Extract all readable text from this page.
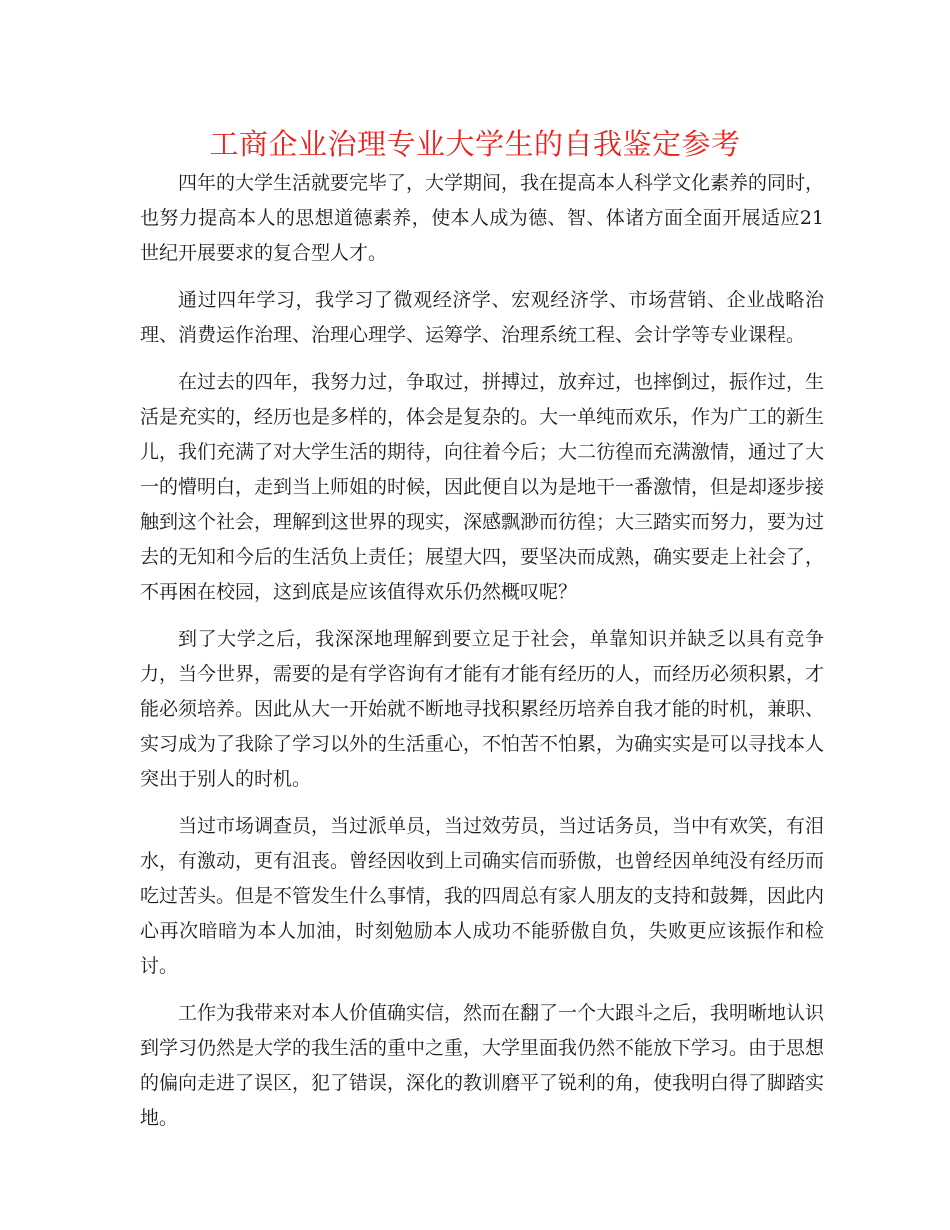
工商企业治理专业大学生的自我鉴定参考

四年的大学生活就要完毕了，大学期间，我在提高本人科学文化素养的同时，也努力提高本人的思想道德素养，使本人成为德、智、体诸方面全面开展适应21世纪开展要求的复合型人才。

通过四年学习，我学习了微观经济学、宏观经济学、市场营销、企业战略治理、消费运作治理、治理心理学、运筹学、治理系统工程、会计学等专业课程。

在过去的四年，我努力过，争取过，拼搏过，放弃过，也摔倒过，振作过，生活是充实的，经历也是多样的，体会是复杂的。大一单纯而欢乐，作为广工的新生儿，我们充满了对大学生活的期待，向往着今后；大二彷徨而充满激情，通过了大一的懵明白，走到当上师姐的时候，因此便自以为是地干一番激情，但是却逐步接触到这个社会，理解到这世界的现实，深感飘渺而彷徨；大三踏实而努力，要为过去的无知和今后的生活负上责任；展望大四，要坚决而成熟，确实要走上社会了，不再困在校园，这到底是应该值得欢乐仍然概叹呢？

到了大学之后，我深深地理解到要立足于社会，单靠知识并缺乏以具有竞争力，当今世界，需要的是有学咨询有才能有才能有经历的人，而经历必须积累，才能必须培养。因此从大一开始就不断地寻找积累经历培养自我才能的时机，兼职、实习成为了我除了学习以外的生活重心，不怕苦不怕累，为确实实是可以寻找本人突出于别人的时机。

当过市场调查员，当过派单员，当过效劳员，当过话务员，当中有欢笑，有泪水，有激动，更有沮丧。曾经因收到上司确实信而骄傲，也曾经因单纯没有经历而吃过苦头。但是不管发生什么事情，我的四周总有家人朋友的支持和鼓舞，因此内心再次暗暗为本人加油，时刻勉励本人成功不能骄傲自负，失败更应该振作和检讨。

工作为我带来对本人价值确实信，然而在翻了一个大跟斗之后，我明晰地认识到学习仍然是大学的我生活的重中之重，大学里面我仍然不能放下学习。由于思想的偏向走进了误区，犯了错误，深化的教训磨平了锐利的角，使我明白得了脚踏实地。
